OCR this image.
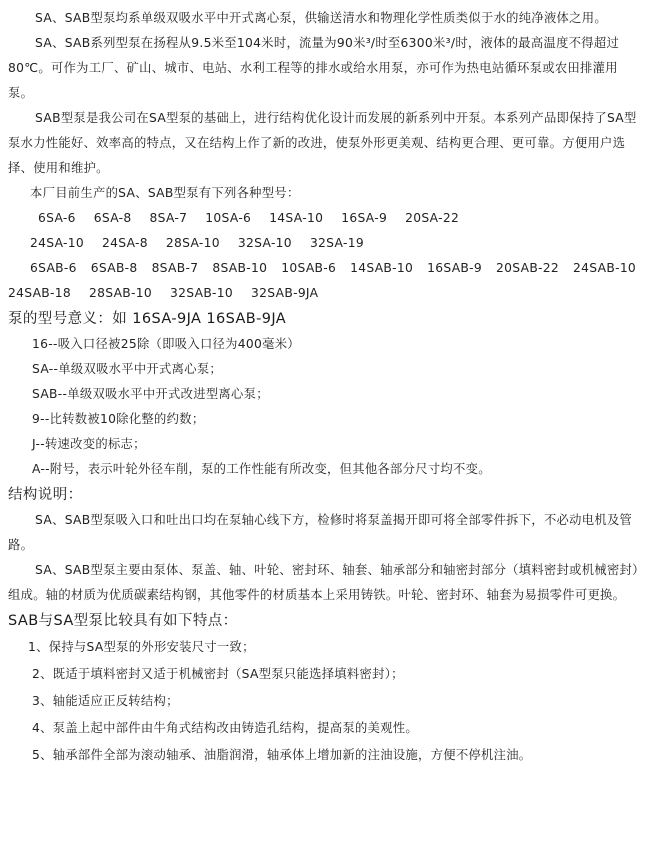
SA、SAB型泵均系单级双吸水平中开式离心泵，供输送清水和物理化学性质类似于水的纯净液体之用。

SA、SAB系列型泵在扬程从9.5米至104米时，流量为90米³/时至6300米³/时，液体的最高温度不得超过80℃。可作为工厂、矿山、城市、电站、水利工程等的排水或给水用泵，亦可作为热电站循环泵或农田排灌用泵。

SAB型泵是我公司在SA型泵的基础上，进行结构优化设计而发展的新系列中开泵。本系列产品即保持了SA型泵水力性能好、效率高的特点，又在结构上作了新的改进，使泵外形更美观、结构更合理、更可靠。方便用户选择、使用和维护。

本厂目前生产的SA、SAB型泵有下列各种型号：

6SA-6 6SA-8 8SA-7 10SA-6 14SA-10 16SA-9 20SA-22
24SA-10 24SA-8 28SA-10 32SA-10 32SA-19
6SAB-6 6SAB-8 8SAB-7 8SAB-10 10SAB-6 14SAB-10 16SAB-9 20SAB-22 24SAB-10
24SAB-18 28SAB-10 32SAB-10 32SAB-9JA

泵的型号意义：如 16SA-9JA 16SAB-9JA

16--吸入口径被25除（即吸入口径为400毫米）

SA--单级双吸水平中开式离心泵；

SAB--单级双吸水平中开式改进型离心泵；

9--比转数被10除化整的约数；

J--转速改变的标志；

A--附号，表示叶轮外径车削，泵的工作性能有所改变，但其他各部分尺寸均不变。

结构说明：

SA、SAB型泵吸入口和吐出口均在泵轴心线下方，检修时将泵盖揭开即可将全部零件拆下，不必动电机及管路。

SA、SAB型泵主要由泵体、泵盖、轴、叶轮、密封环、轴套、轴承部分和轴密封部分（填料密封或机械密封）组成。轴的材质为优质碳素结构钢，其他零件的材质基本上采用铸铁。叶轮、密封环、轴套为易损零件可更换。

SAB与SA型泵比较具有如下特点：

1、保持与SA型泵的外形安装尺寸一致；

2、既适于填料密封又适于机械密封（SA型泵只能选择填料密封）；

3、轴能适应正反转结构；

4、泵盖上起中部件由牛角式结构改由铸造孔结构，提高泵的美观性。

5、轴承部件全部为滚动轴承、油脂润滑，轴承体上增加新的注油设施，方便不停机注油。
